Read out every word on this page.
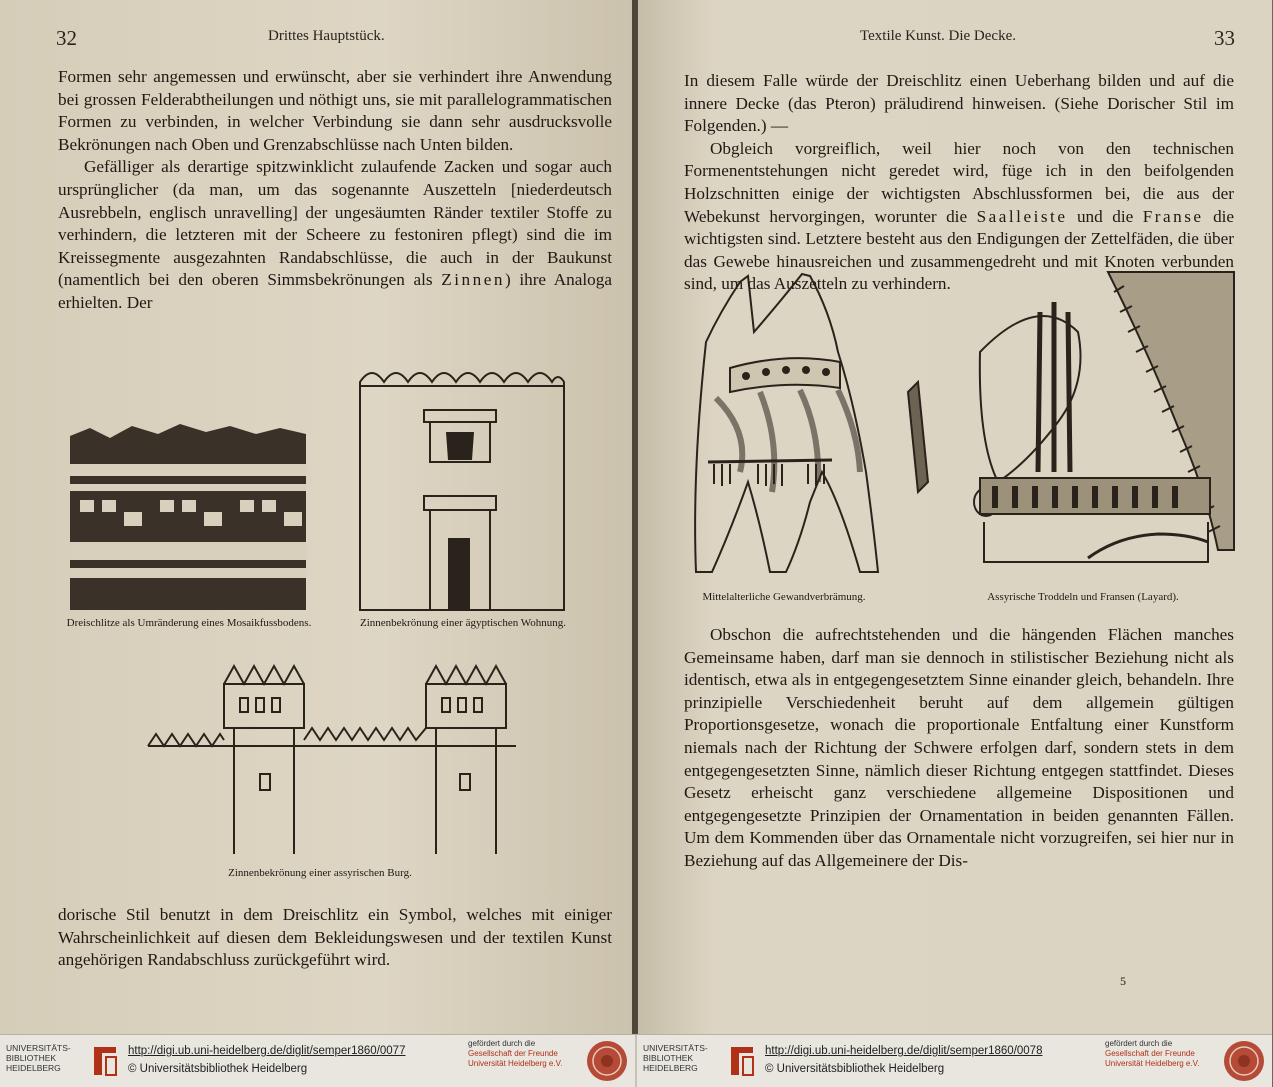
32	Drittes Hauptstück.

Formen sehr angemessen und erwünscht, aber sie verhindert ihre Anwendung bei grossen Felderabtheilungen und nöthigt uns, sie mit parallelogrammatischen Formen zu verbinden, in welcher Verbindung sie dann sehr ausdrucksvolle Bekrönungen nach Oben und Grenzabschlüsse nach Unten bilden.

Gefälliger als derartige spitzwinklicht zulaufende Zacken und sogar auch ursprünglicher (da man, um das sogenannte Auszetteln [niederdeutsch Ausrebbeln, englisch unravelling] der ungesäumten Ränder textiler Stoffe zu verhindern, die letzteren mit der Scheere zu festoniren pflegt) sind die im Kreissegmente ausgezahnten Randabschlüsse, die auch in der Baukunst (namentlich bei den oberen Simmsbekrönungen als Zinnen) ihre Analoga erhielten. Der

Dreischlitze als Umränderung eines Mosaikfussbodens.	Zinnenbekrönung einer ägyptischen Wohnung.
Zinnenbekrönung einer assyrischen Burg.

dorische Stil benutzt in dem Dreischlitz ein Symbol, welches mit einiger Wahrscheinlichkeit auf diesen dem Bekleidungswesen und der textilen Kunst angehörigen Randabschluss zurückgeführt wird.

Textile Kunst. Die Decke.	33

In diesem Falle würde der Dreischlitz einen Ueberhang bilden und auf die innere Decke (das Pteron) präludirend hinweisen. (Siehe Dorischer Stil im Folgenden.) —

Obgleich vorgreiflich, weil hier noch von den technischen Formenentstehungen nicht geredet wird, füge ich in den beifolgenden Holzschnitten einige der wichtigsten Abschlussformen bei, die aus der Webekunst hervorgingen, worunter die Saalleiste und die Franse die wichtigsten sind. Letztere besteht aus den Endigungen der Zettelfäden, die über das Gewebe hinausreichen und zusammengedreht und mit Knoten verbunden sind, um das Auszetteln zu verhindern.

Mittelalterliche Gewandverbrämung.	Assyrische Troddeln und Fransen (Layard).

Obschon die aufrechtstehenden und die hängenden Flächen manches Gemeinsame haben, darf man sie dennoch in stilistischer Beziehung nicht als identisch, etwa als in entgegengesetztem Sinne einander gleich, behandeln. Ihre prinzipielle Verschiedenheit beruht auf dem allgemein gültigen Proportionsgesetze, wonach die proportionale Entfaltung einer Kunstform niemals nach der Richtung der Schwere erfolgen darf, sondern stets in dem entgegengesetzten Sinne, nämlich dieser Richtung entgegen stattfindet. Dieses Gesetz erheischt ganz verschiedene allgemeine Dispositionen und entgegengesetzte Prinzipien der Ornamentation in beiden genannten Fällen. Um dem Kommenden über das Ornamentale nicht vorzugreifen, sei hier nur in Beziehung auf das Allgemeinere der Dis-

5
UNIVERSITÄTS-
BIBLIOTHEK
HEIDELBERG
http://digi.ub.uni-heidelberg.de/diglit/semper1860/0077
© Universitätsbibliothek Heidelberg
gefördert durch die
Gesellschaft der Freunde Universität Heidelberg e.V.
UNIVERSITÄTS-
BIBLIOTHEK
HEIDELBERG
http://digi.ub.uni-heidelberg.de/diglit/semper1860/0078
© Universitätsbibliothek Heidelberg
gefördert durch die
Gesellschaft der Freunde Universität Heidelberg e.V.
